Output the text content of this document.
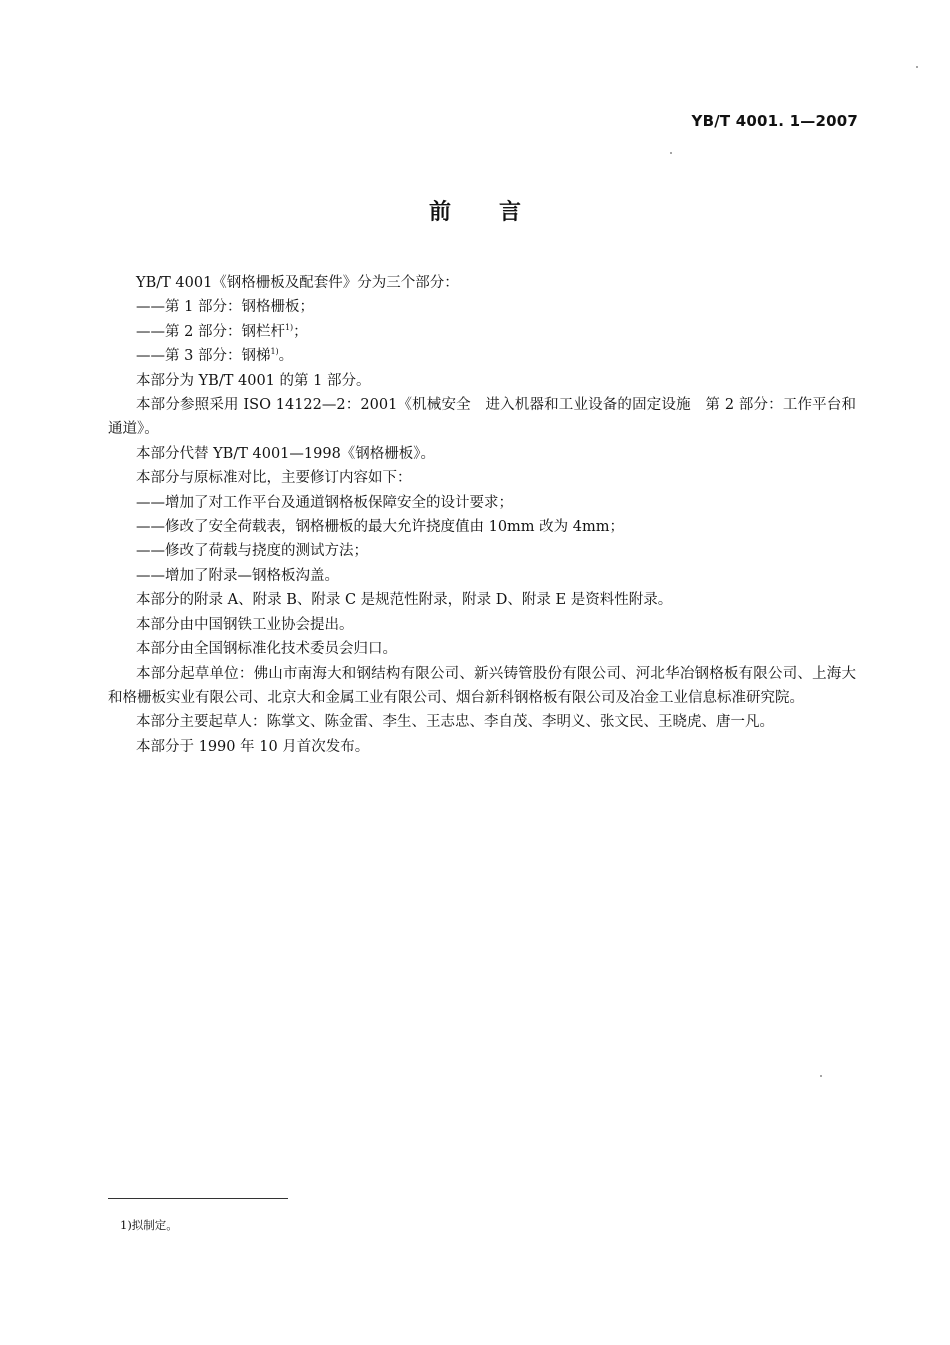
YB/T 4001. 1—2007
前言

YB/T 4001《钢格栅板及配套件》分为三个部分：

——第 1 部分：钢格栅板；

——第 2 部分：钢栏杆$^{1)}$；

——第 3 部分：钢梯$^{1)}$。

本部分为 YB/T 4001 的第 1 部分。

本部分参照采用 ISO 14122—2：2001《机械安全　进入机器和工业设备的固定设施　第 2 部分：工作平台和通道》。

本部分代替 YB/T 4001—1998《钢格栅板》。

本部分与原标准对比，主要修订内容如下：

——增加了对工作平台及通道钢格板保障安全的设计要求；

——修改了安全荷载表，钢格栅板的最大允许挠度值由 10mm 改为 4mm；

——修改了荷载与挠度的测试方法；

——增加了附录—钢格板沟盖。

本部分的附录 A、附录 B、附录 C 是规范性附录，附录 D、附录 E 是资料性附录。

本部分由中国钢铁工业协会提出。

本部分由全国钢标准化技术委员会归口。

本部分起草单位：佛山市南海大和钢结构有限公司、新兴铸管股份有限公司、河北华冶钢格板有限公司、上海大和格栅板实业有限公司、北京大和金属工业有限公司、烟台新科钢格板有限公司及冶金工业信息标准研究院。

本部分主要起草人：陈掌文、陈金雷、李生、王志忠、李自茂、李明义、张文民、王晓虎、唐一凡。

本部分于 1990 年 10 月首次发布。

1)拟制定。
